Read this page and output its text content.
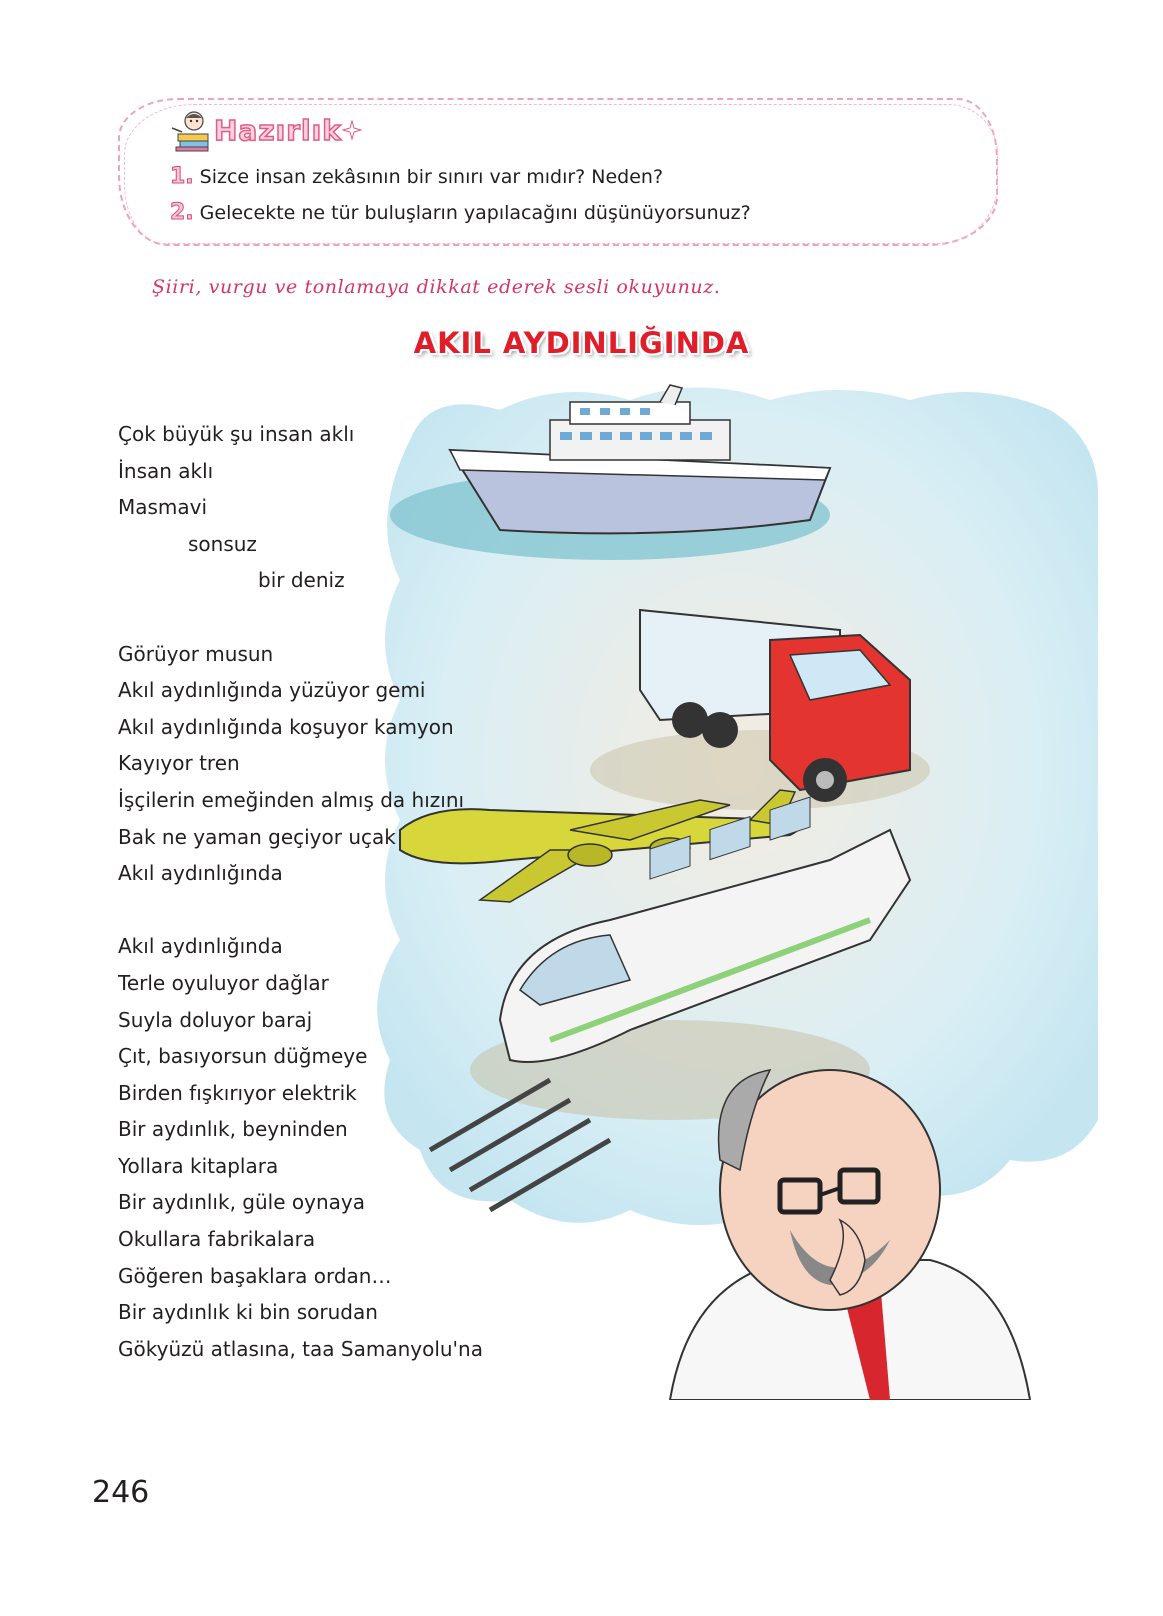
Hazırlık
1. Sizce insan zekâsının bir sınırı var mıdır? Neden?
2. Gelecekte ne tür buluşların yapılacağını düşünüyorsunuz?
Şiiri, vurgu ve tonlamaya dikkat ederek sesli okuyunuz.
AKIL AYDINLIĞINDA
Çok büyük şu insan aklı
İnsan aklı
Masmavi
sonsuz
bir deniz
Görüyor musun
Akıl aydınlığında yüzüyor gemi
Akıl aydınlığında koşuyor kamyon
Kayıyor tren
İşçilerin emeğinden almış da hızını
Bak ne yaman geçiyor uçak
Akıl aydınlığında
Akıl aydınlığında
Terle oyuluyor dağlar
Suyla doluyor baraj
Çıt, basıyorsun düğmeye
Birden fışkırıyor elektrik
Bir aydınlık, beyninden
Yollara kitaplara
Bir aydınlık, güle oynaya
Okullara fabrikalara
Göğeren başaklara ordan…
Bir aydınlık ki bin sorudan
Gökyüzü atlasına, taa Samanyolu'na
246
